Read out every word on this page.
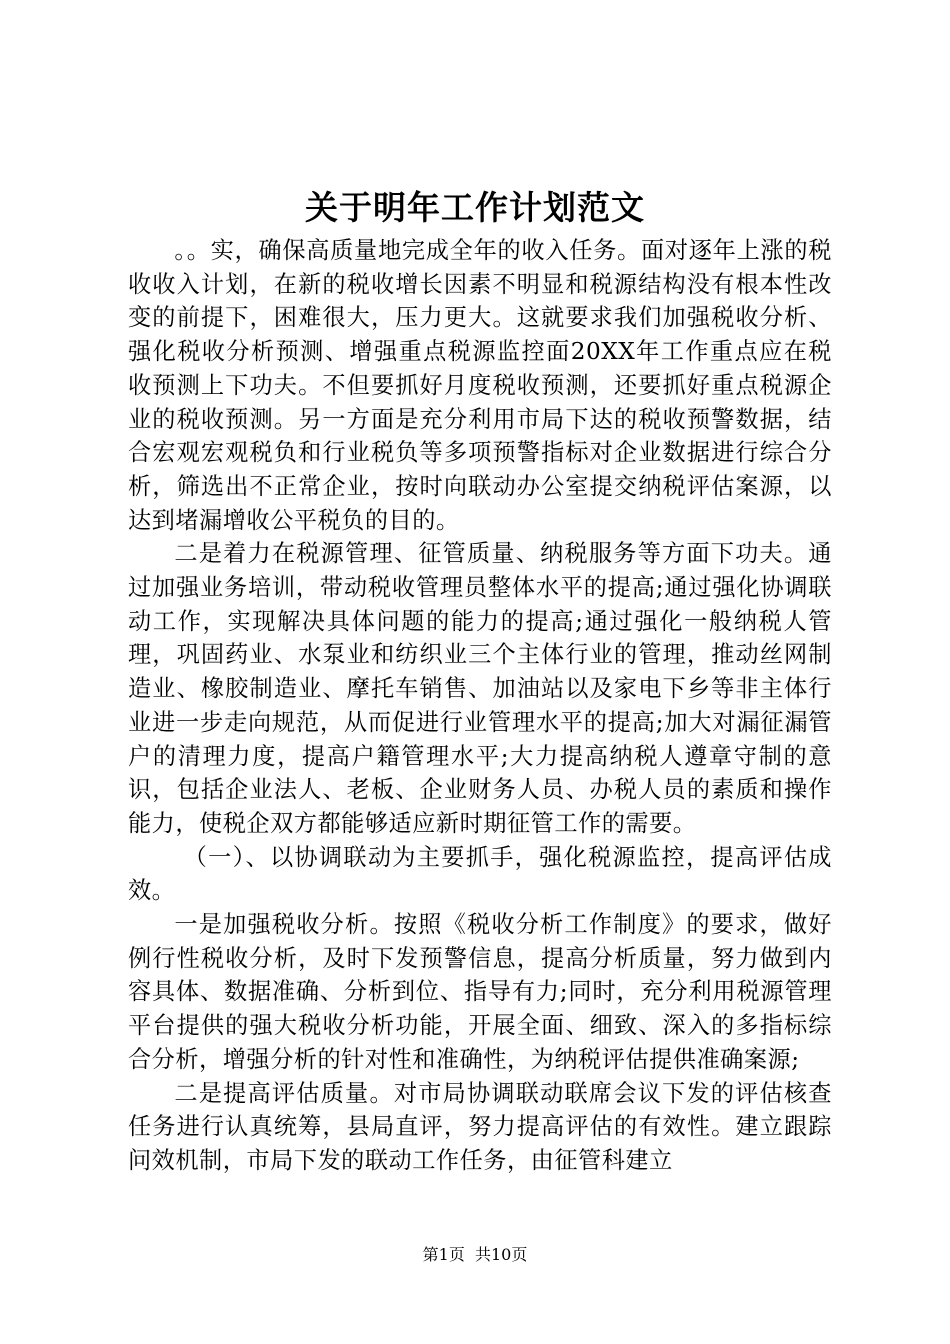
关于明年工作计划范文

。。实，确保高质量地完成全年的收入任务。面对逐年上涨的税收收入计划，在新的税收增长因素不明显和税源结构没有根本性改变的前提下，困难很大，压力更大。这就要求我们加强税收分析、强化税收分析预测、增强重点税源监控面20XX年工作重点应在税收预测上下功夫。不但要抓好月度税收预测，还要抓好重点税源企业的税收预测。另一方面是充分利用市局下达的税收预警数据，结合宏观宏观税负和行业税负等多项预警指标对企业数据进行综合分析，筛选出不正常企业，按时向联动办公室提交纳税评估案源，以达到堵漏增收公平税负的目的。

二是着力在税源管理、征管质量、纳税服务等方面下功夫。通过加强业务培训，带动税收管理员整体水平的提高;通过强化协调联动工作，实现解决具体问题的能力的提高;通过强化一般纳税人管理，巩固药业、水泵业和纺织业三个主体行业的管理，推动丝网制造业、橡胶制造业、摩托车销售、加油站以及家电下乡等非主体行业进一步走向规范，从而促进行业管理水平的提高;加大对漏征漏管户的清理力度，提高户籍管理水平;大力提高纳税人遵章守制的意识，包括企业法人、老板、企业财务人员、办税人员的素质和操作能力，使税企双方都能够适应新时期征管工作的需要。

（一）、以协调联动为主要抓手，强化税源监控，提高评估成效。

一是加强税收分析。按照《税收分析工作制度》的要求，做好例行性税收分析，及时下发预警信息，提高分析质量，努力做到内容具体、数据准确、分析到位、指导有力;同时，充分利用税源管理平台提供的强大税收分析功能，开展全面、细致、深入的多指标综合分析，增强分析的针对性和准确性，为纳税评估提供准确案源;

二是提高评估质量。对市局协调联动联席会议下发的评估核查任务进行认真统筹，县局直评，努力提高评估的有效性。建立跟踪问效机制，市局下发的联动工作任务，由征管科建立

第1页  共10页
